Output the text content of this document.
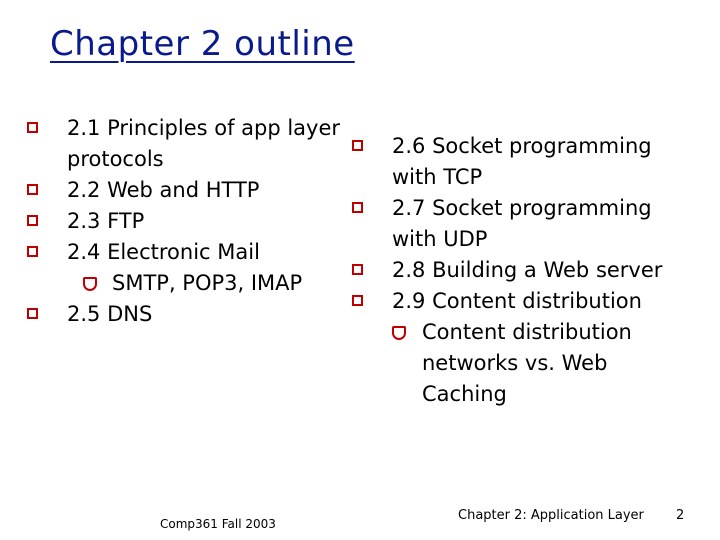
Chapter 2 outline
2.1 Principles of app layer protocols
2.2 Web and HTTP
2.3 FTP
2.4 Electronic Mail
SMTP, POP3, IMAP
2.5 DNS
2.6 Socket programming with TCP
2.7 Socket programming with UDP
2.8 Building a Web server
2.9 Content distribution
Content distribution networks vs. Web Caching
Comp361 Fall 2003
Chapter 2: Application Layer 2
